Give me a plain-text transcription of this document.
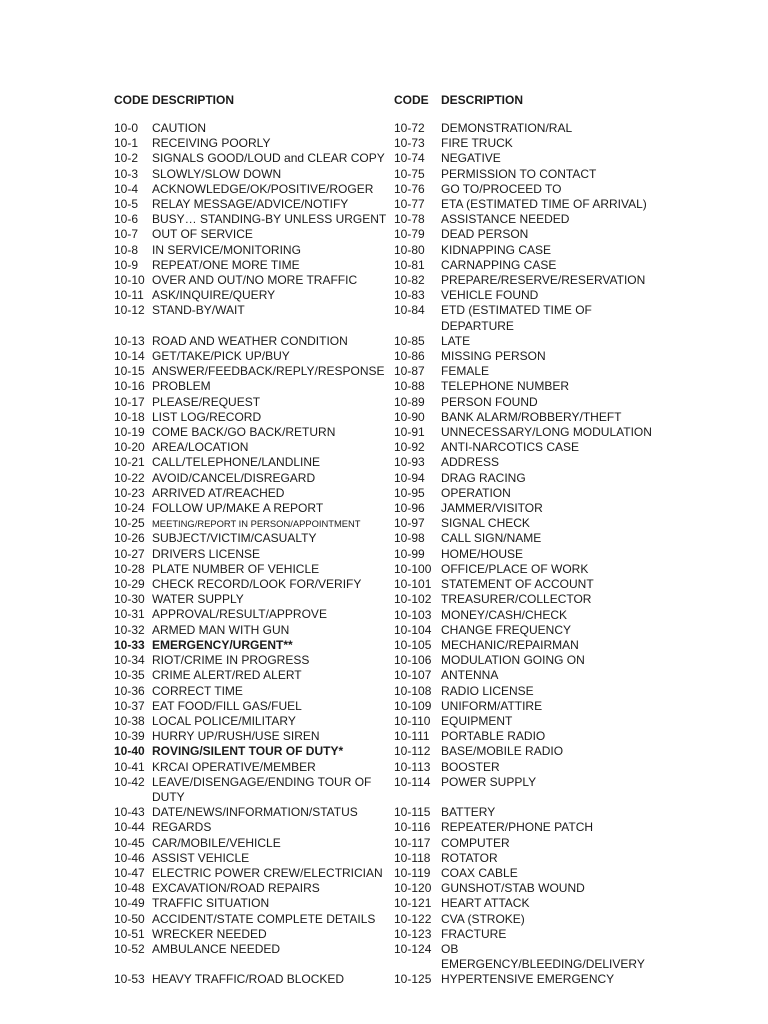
CODE DESCRIPTION
10-0	CAUTION
10-1	RECEIVING POORLY
10-2	SIGNALS GOOD/LOUD and CLEAR COPY
10-3	SLOWLY/SLOW DOWN
10-4	ACKNOWLEDGE/OK/POSITIVE/ROGER
10-5	RELAY MESSAGE/ADVICE/NOTIFY
10-6	BUSY… STANDING-BY UNLESS URGENT
10-7	OUT OF SERVICE
10-8	IN SERVICE/MONITORING
10-9	REPEAT/ONE MORE TIME
10-10 OVER AND OUT/NO MORE TRAFFIC
10-11 ASK/INQUIRE/QUERY
10-12 STAND-BY/WAIT
10-13 ROAD AND WEATHER CONDITION
10-14 GET/TAKE/PICK UP/BUY
10-15 ANSWER/FEEDBACK/REPLY/RESPONSE
10-16 PROBLEM
10-17 PLEASE/REQUEST
10-18 LIST LOG/RECORD
10-19 COME BACK/GO BACK/RETURN
10-20 AREA/LOCATION
10-21 CALL/TELEPHONE/LANDLINE
10-22 AVOID/CANCEL/DISREGARD
10-23 ARRIVED AT/REACHED
10-24 FOLLOW UP/MAKE A REPORT
10-25 MEETING/REPORT IN PERSON/APPOINTMENT
10-26 SUBJECT/VICTIM/CASUALTY
10-27 DRIVERS LICENSE
10-28 PLATE NUMBER OF VEHICLE
10-29 CHECK RECORD/LOOK FOR/VERIFY
10-30 WATER SUPPLY
10-31 APPROVAL/RESULT/APPROVE
10-32 ARMED MAN WITH GUN
10-33 EMERGENCY/URGENT**
10-34 RIOT/CRIME IN PROGRESS
10-35 CRIME ALERT/RED ALERT
10-36 CORRECT TIME
10-37 EAT FOOD/FILL GAS/FUEL
10-38 LOCAL POLICE/MILITARY
10-39 HURRY UP/RUSH/USE SIREN
10-40 ROVING/SILENT TOUR OF DUTY*
10-41 KRCAI OPERATIVE/MEMBER
10-42 LEAVE/DISENGAGE/ENDING TOUR OF DUTY
10-43 DATE/NEWS/INFORMATION/STATUS
10-44 REGARDS
10-45 CAR/MOBILE/VEHICLE
10-46 ASSIST VEHICLE
10-47 ELECTRIC POWER CREW/ELECTRICIAN
10-48 EXCAVATION/ROAD REPAIRS
10-49 TRAFFIC SITUATION
10-50 ACCIDENT/STATE COMPLETE DETAILS
10-51 WRECKER NEEDED
10-52 AMBULANCE NEEDED
10-53 HEAVY TRAFFIC/ROAD BLOCKED
CODE	DESCRIPTION
10-72	DEMONSTRATION/RAL
10-73	FIRE TRUCK
10-74	NEGATIVE
10-75	PERMISSION TO CONTACT
10-76	GO TO/PROCEED TO
10-77	ETA (ESTIMATED TIME OF ARRIVAL)
10-78	ASSISTANCE NEEDED
10-79	DEAD PERSON
10-80	KIDNAPPING CASE
10-81	CARNAPPING CASE
10-82	PREPARE/RESERVE/RESERVATION
10-83	VEHICLE FOUND
10-84	ETD (ESTIMATED TIME OF DEPARTURE
10-85	LATE
10-86	MISSING PERSON
10-87	FEMALE
10-88	TELEPHONE NUMBER
10-89	PERSON FOUND
10-90	BANK ALARM/ROBBERY/THEFT
10-91	UNNECESSARY/LONG MODULATION
10-92	ANTI-NARCOTICS CASE
10-93	ADDRESS
10-94	DRAG RACING
10-95	OPERATION
10-96	JAMMER/VISITOR
10-97	SIGNAL CHECK
10-98	CALL SIGN/NAME
10-99	HOME/HOUSE
10-100 OFFICE/PLACE OF WORK
10-101 STATEMENT OF ACCOUNT
10-102 TREASURER/COLLECTOR
10-103 MONEY/CASH/CHECK
10-104 CHANGE FREQUENCY
10-105 MECHANIC/REPAIRMAN
10-106 MODULATION GOING ON
10-107 ANTENNA
10-108 RADIO LICENSE
10-109 UNIFORM/ATTIRE
10-110 EQUIPMENT
10-111 PORTABLE RADIO
10-112 BASE/MOBILE RADIO
10-113 BOOSTER
10-114 POWER SUPPLY
10-115 BATTERY
10-116 REPEATER/PHONE PATCH
10-117 COMPUTER
10-118 ROTATOR
10-119 COAX CABLE
10-120 GUNSHOT/STAB WOUND
10-121 HEART ATTACK
10-122 CVA (STROKE)
10-123 FRACTURE
10-124 OB EMERGENCY/BLEEDING/DELIVERY
10-125 HYPERTENSIVE EMERGENCY
